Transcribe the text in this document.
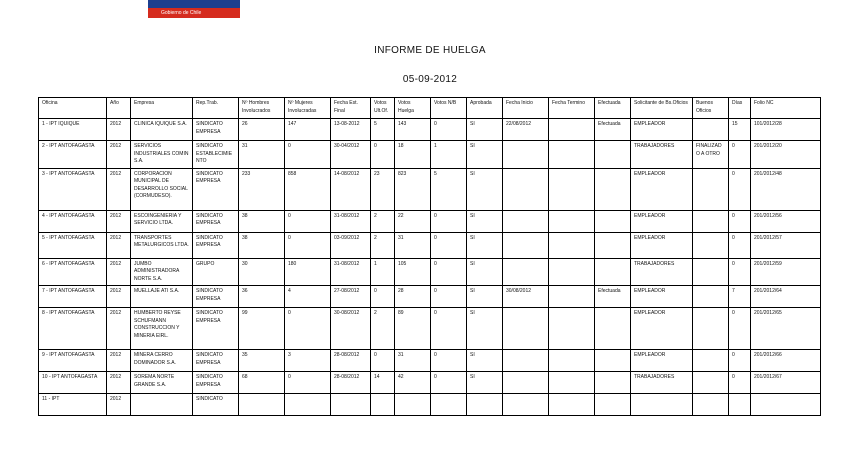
Gobierno de Chile
INFORME DE HUELGA
05-09-2012
Oficina	Año	Empresa	Rep.Trab.	Nº Hombres Involucrados	Nº Mujeres Involucradas	Fecha Est. Final	Votos Ult.Of.	Votos Huelga	Votos N/B	Aprobada	Fecha Inicio	Fecha Termino	Efectuada	Solicitante de Bs.Oficios	Buenos Oficios	Días	Folio NC
1 - IPT IQUIQUE	2012	CLINICA IQUIQUE S.A.	SINDICATO EMPRESA	26	147	13-08-2012	5	143	0	SI	22/08/2012		Efectuada	EMPLEADOR		15	101/2012/28
2 - IPT ANTOFAGASTA	2012	SERVICIOS INDUSTRIALES COMIN S.A.	SINDICATO ESTABLECIMIENTO	31	0	30-04/2012	0	18	1	SI				TRABAJADORES	FINALIZADO A OTRO	0	201/2012/20
3 - IPT ANTOFAGASTA	2012	CORPORACION MUNICIPAL DE DESARROLLO SOCIAL (CORMUDESO).	SINDICATO EMPRESA	233	858	14-08/2012	23	823	5	SI				EMPLEADOR		0	201/2012/48
4 - IPT ANTOFAGASTA	2012	ESCOINGENIERIA Y SERVICIO LTDA.	SINDICATO EMPRESA	38	0	31-08/2012	2	22	0	SI				EMPLEADOR		0	201/2012/56
5 - IPT ANTOFAGASTA	2012	TRANSPORTES METALURGICOS LTDA.	SINDICATO EMPRESA	38	0	03-09/2012	2	31	0	SI				EMPLEADOR		0	201/2012/57
6 - IPT ANTOFAGASTA	2012	JUMBO ADMINISTRADORA NORTE S.A.	GRUPO	30	180	31-08/2012	1	105	0	SI				TRABAJADORES		0	201/2012/59
7 - IPT ANTOFAGASTA	2012	MUELLAJE ATI S.A.	SINDICATO EMPRESA	36	4	27-08/2012	0	28	0	SI	30/08/2012		Efectuada	EMPLEADOR		7	201/2012/64
8 - IPT ANTOFAGASTA	2012	HUMBERTO REYSE SCHUFMANN CONSTRUCCION Y MINERIA EIRL.	SINDICATO EMPRESA	99	0	30-08/2012	2	89	0	SI				EMPLEADOR		0	201/2012/65
9 - IPT ANTOFAGASTA	2012	MINERA CERRO DOMINADOR S.A.	SINDICATO EMPRESA	35	3	28-08/2012	0	31	0	SI				EMPLEADOR		0	201/2012/66
10 - IPT ANTOFAGASTA	2012	SOREMA NORTE GRANDE S.A.	SINDICATO EMPRESA	68	0	28-08/2012	14	42	0	SI				TRABAJADORES		0	201/2012/67
11 - IPT	2012		SINDICATO														
